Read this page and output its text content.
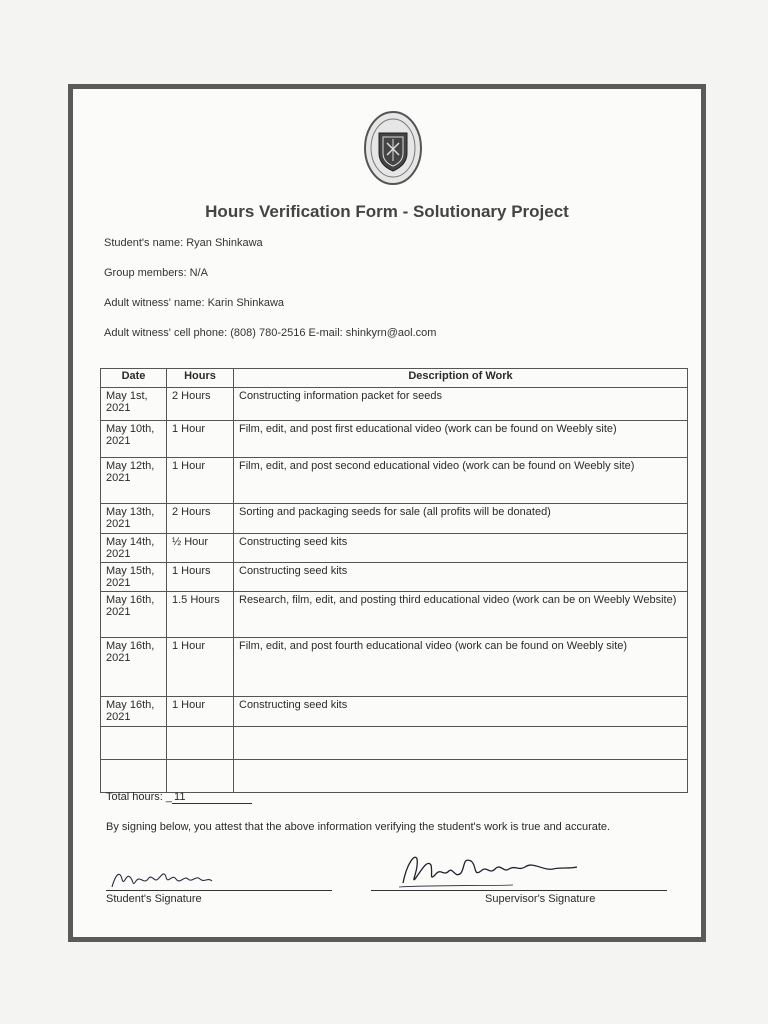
Hours Verification Form - Solutionary Project
Student's name: Ryan Shinkawa
Group members: N/A
Adult witness' name: Karin Shinkawa
Adult witness' cell phone: (808) 780-2516 E-mail: shinkyrn@aol.com
Date	Hours	Description of Work
May 1st, 2021	2 Hours	Constructing information packet for seeds
May 10th, 2021	1 Hour	Film, edit, and post first educational video (work can be found on Weebly site)
May 12th, 2021	1 Hour	Film, edit, and post second educational video (work can be found on Weebly site)
May 13th, 2021	2 Hours	Sorting and packaging seeds for sale (all profits will be donated)
May 14th, 2021	½ Hour	Constructing seed kits
May 15th, 2021	1 Hours	Constructing seed kits
May 16th, 2021	1.5 Hours	Research, film, edit, and posting third educational video (work can be on Weebly Website)
May 16th, 2021	1 Hour	Film, edit, and post fourth educational video (work can be found on Weebly site)
May 16th, 2021	1 Hour	Constructing seed kits

Total hours: _ 11
By signing below, you attest that the above information verifying the student's work is true and accurate.
Student's Signature	Supervisor's Signature
